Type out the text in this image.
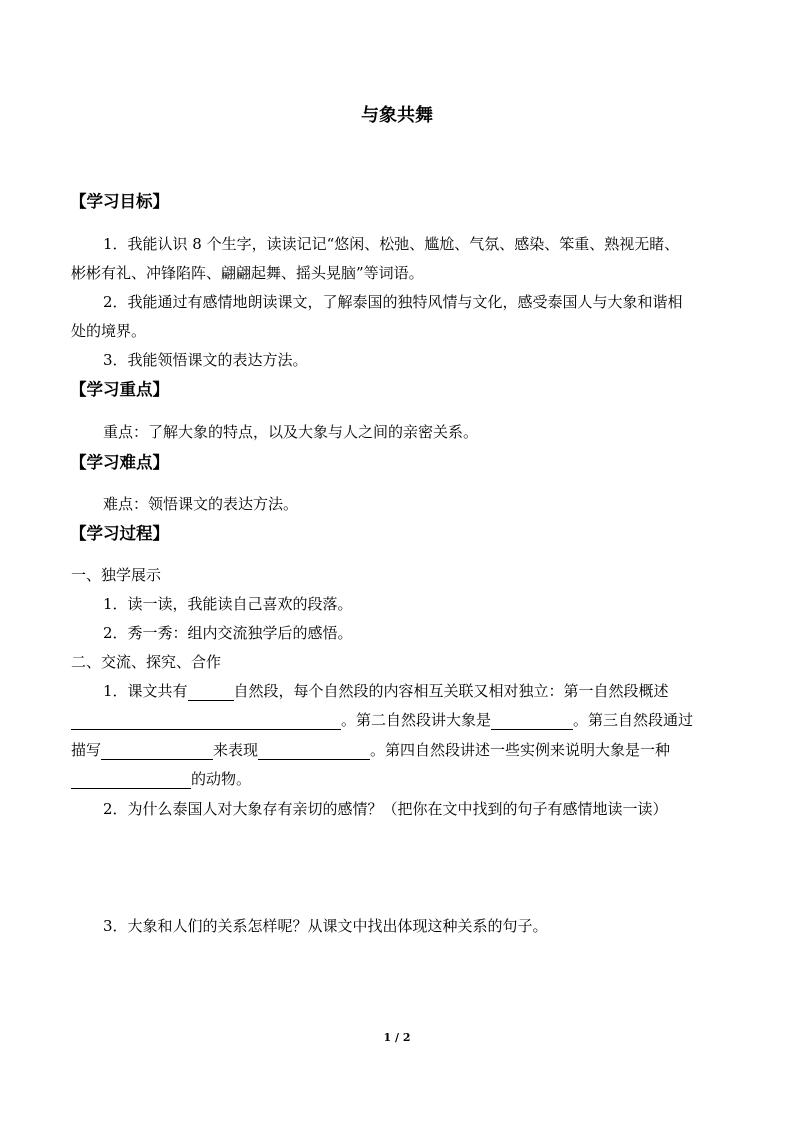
与象共舞
【学习目标】
1．我能认识 8 个生字，读读记记“悠闲、松弛、尴尬、气氛、感染、笨重、熟视无睹、
彬彬有礼、冲锋陷阵、翩翩起舞、摇头晃脑”等词语。
2．我能通过有感情地朗读课文，了解泰国的独特风情与文化，感受泰国人与大象和谐相
处的境界。
3．我能领悟课文的表达方法。
【学习重点】
重点：了解大象的特点，以及大象与人之间的亲密关系。
【学习难点】
难点：领悟课文的表达方法。
【学习过程】
一、独学展示
1．读一读，我能读自己喜欢的段落。
2．秀一秀：组内交流独学后的感悟。
二、交流、探究、合作
1．课文共有	自然段，每个自然段的内容相互关联又相对独立：第一自然段概述
。第二自然段讲大象是	。第三自然段通过
描写	来表现	。第四自然段讲述一些实例来说明大象是一种
的动物。
2．为什么泰国人对大象存有亲切的感情？（把你在文中找到的句子有感情地读一读）
3．大象和人们的关系怎样呢？从课文中找出体现这种关系的句子。
1 / 2
